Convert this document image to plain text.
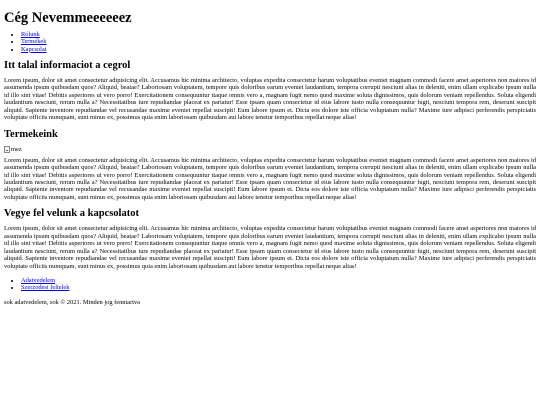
Cég Nevemmeeeeeez
• Rólunk
• Termékek
• Kapcsolat
Itt talal informaciot a cegrol

Lorem ipsum, dolor sit amet consectetur adipisicing elit. Accusamus hic minima architecto, voluptas expedita consectetur harum voluptatibus eveniet magnam commodi facere amet asperiores non maiores id assumenda ipsum quibusdam quos? Aliquid, beatae? Laboriosam voluptatem, tempore quis doloribus earum eveniet laudantium, tempora corrupti nesciunt alias in deleniti, enim ullam explicabo ipsum nulla id illo sint vitae! Debitis asperiores ut vero porro! Exercitationem consequuntur itaque omnis vero a, magnam fugit nemo quod maxime soluta dignissimos, quis dolorum veniam repellendus. Soluta eligendi laudantium nesciunt, rerum nulla a? Necessitatibus iure repudiandae placeat ex pariatur! Esse ipsam quam consectetur id eius labore iusto nulla consequuntur fugit, nesciunt tempora rem, deserunt suscipit aliquid. Sapiente inventore repudiandae vel recusandae maxime eveniet repellat suscipit! Eum labore ipsum et. Dicta eos dolore iste officia voluptatum nulla? Maxime iure adipisci perferendis perspiciatis voluptate officiis numquam, sunt minus ex, possimus quia enim laboriosam quibusdam aut labore tenetur temporibus repellat neque alias!

Termekeink
mez

Lorem ipsum, dolor sit amet consectetur adipisicing elit. Accusamus hic minima architecto, voluptas expedita consectetur harum voluptatibus eveniet magnam commodi facere amet asperiores non maiores id assumenda ipsum quibusdam quos? Aliquid, beatae? Laboriosam voluptatem, tempore quis doloribus earum eveniet laudantium, tempora corrupti nesciunt alias in deleniti, enim ullam explicabo ipsum nulla id illo sint vitae! Debitis asperiores ut vero porro! Exercitationem consequuntur itaque omnis vero a, magnam fugit nemo quod maxime soluta dignissimos, quis dolorum veniam repellendus. Soluta eligendi laudantium nesciunt, rerum nulla a? Necessitatibus iure repudiandae placeat ex pariatur! Esse ipsam quam consectetur id eius labore iusto nulla consequuntur fugit, nesciunt tempora rem, deserunt suscipit aliquid. Sapiente inventore repudiandae vel recusandae maxime eveniet repellat suscipit! Eum labore ipsum et. Dicta eos dolore iste officia voluptatum nulla? Maxime iure adipisci perferendis perspiciatis voluptate officiis numquam, sunt minus ex, possimus quia enim laboriosam quibusdam aut labore tenetur temporibus repellat neque alias!

Vegye fel velunk a kapcsolatot

Lorem ipsum, dolor sit amet consectetur adipisicing elit. Accusamus hic minima architecto, voluptas expedita consectetur harum voluptatibus eveniet magnam commodi facere amet asperiores non maiores id assumenda ipsum quibusdam quos? Aliquid, beatae? Laboriosam voluptatem, tempore quis doloribus earum eveniet laudantium, tempora corrupti nesciunt alias in deleniti, enim ullam explicabo ipsum nulla id illo sint vitae! Debitis asperiores ut vero porro! Exercitationem consequuntur itaque omnis vero a, magnam fugit nemo quod maxime soluta dignissimos, quis dolorum veniam repellendus. Soluta eligendi laudantium nesciunt, rerum nulla a? Necessitatibus iure repudiandae placeat ex pariatur! Esse ipsam quam consectetur id eius labore iusto nulla consequuntur fugit, nesciunt tempora rem, deserunt suscipit aliquid. Sapiente inventore repudiandae vel recusandae maxime eveniet repellat suscipit! Eum labore ipsum et. Dicta eos dolore iste officia voluptatum nulla? Maxime iure adipisci perferendis perspiciatis voluptate officiis numquam, sunt minus ex, possimus quia enim laboriosam quibusdam aut labore tenetur temporibus repellat neque alias!

• Adatvedelem
• Szerzodesi feltelek

sok adatvedelem, sok © 2021. Minden jog fenntartva
